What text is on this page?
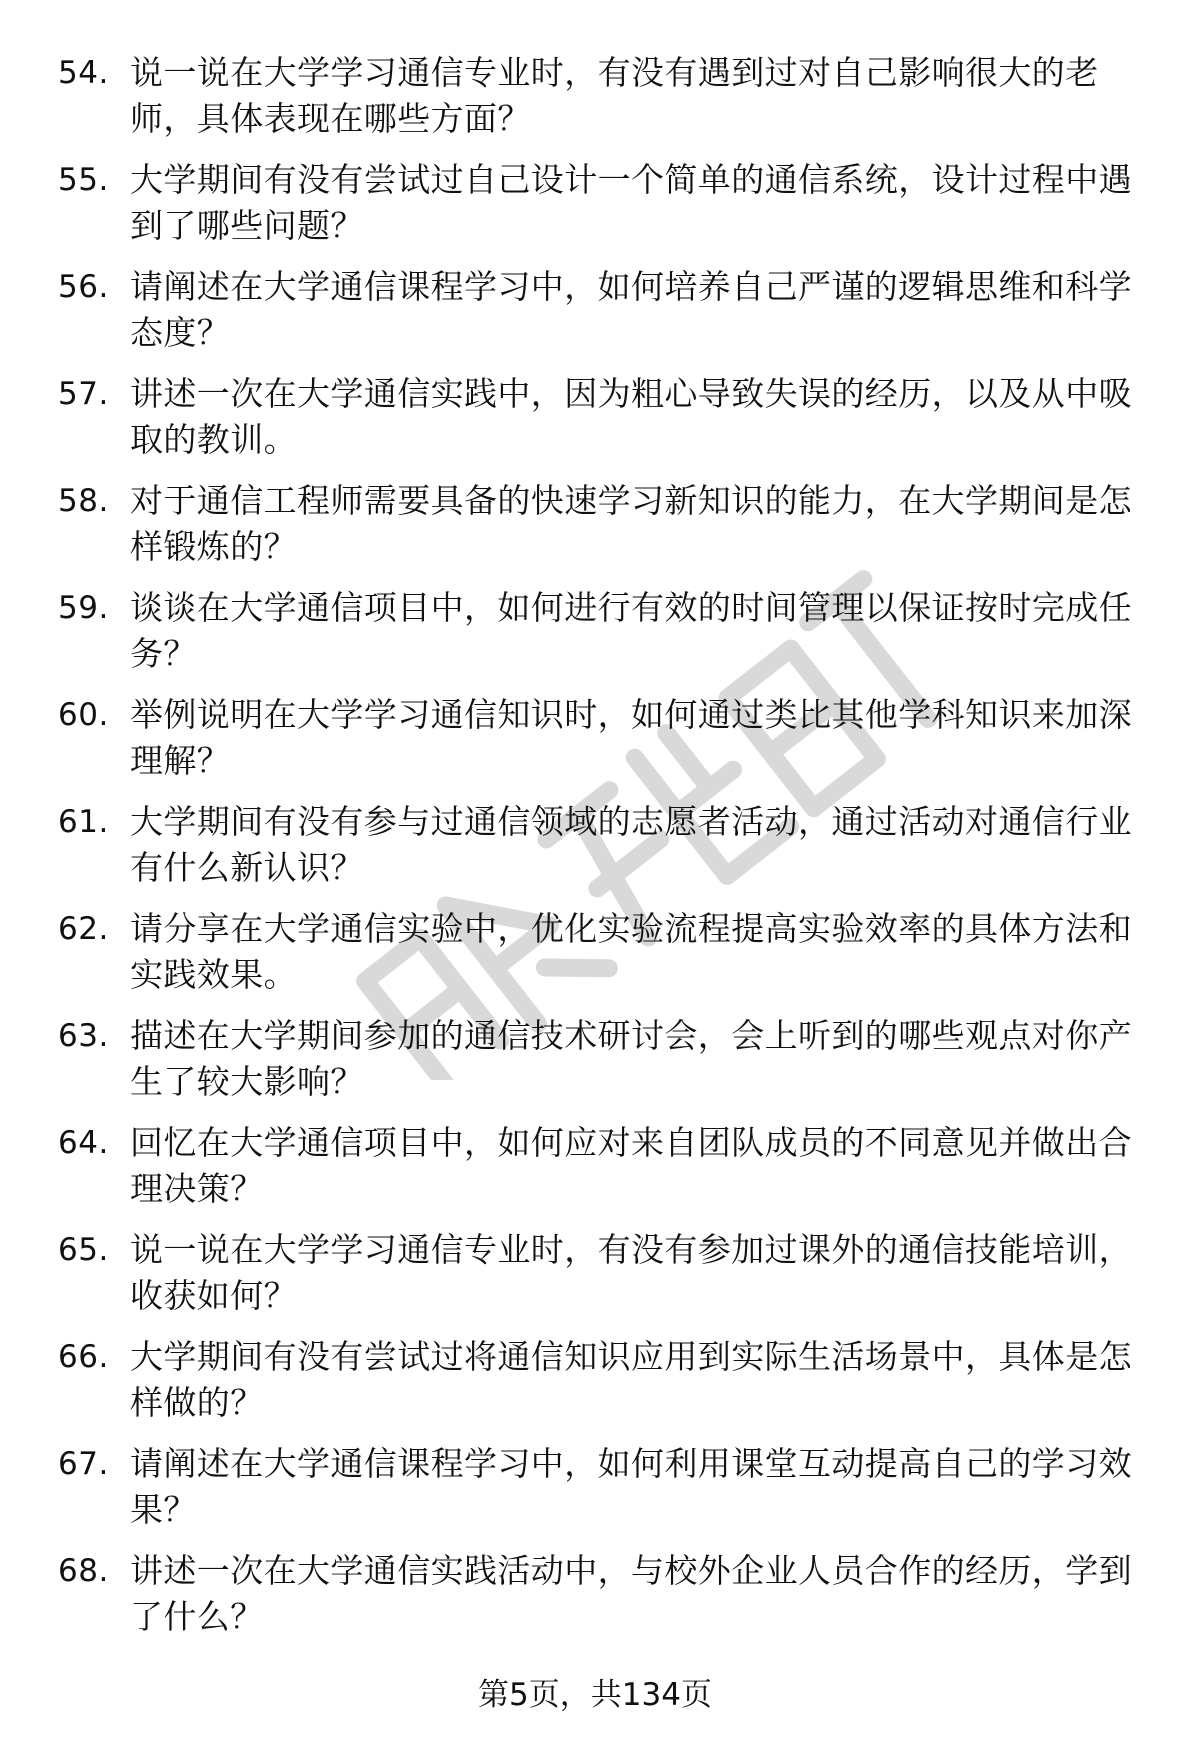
54. 说一说在大学学习通信专业时，有没有遇到过对自己影响很大的老师，具体表现在哪些方面？
55. 大学期间有没有尝试过自己设计一个简单的通信系统，设计过程中遇到了哪些问题？
56. 请阐述在大学通信课程学习中，如何培养自己严谨的逻辑思维和科学态度？
57. 讲述一次在大学通信实践中，因为粗心导致失误的经历，以及从中吸取的教训。
58. 对于通信工程师需要具备的快速学习新知识的能力，在大学期间是怎样锻炼的？
59. 谈谈在大学通信项目中，如何进行有效的时间管理以保证按时完成任务？
60. 举例说明在大学学习通信知识时，如何通过类比其他学科知识来加深理解？
61. 大学期间有没有参与过通信领域的志愿者活动，通过活动对通信行业有什么新认识？
62. 请分享在大学通信实验中，优化实验流程提高实验效率的具体方法和实践效果。
63. 描述在大学期间参加的通信技术研讨会，会上听到的哪些观点对你产生了较大影响？
64. 回忆在大学通信项目中，如何应对来自团队成员的不同意见并做出合理决策？
65. 说一说在大学学习通信专业时，有没有参加过课外的通信技能培训，收获如何？
66. 大学期间有没有尝试过将通信知识应用到实际生活场景中，具体是怎样做的？
67. 请阐述在大学通信课程学习中，如何利用课堂互动提高自己的学习效果？
68. 讲述一次在大学通信实践活动中，与校外企业人员合作的经历，学到了什么？
第5页，共134页
